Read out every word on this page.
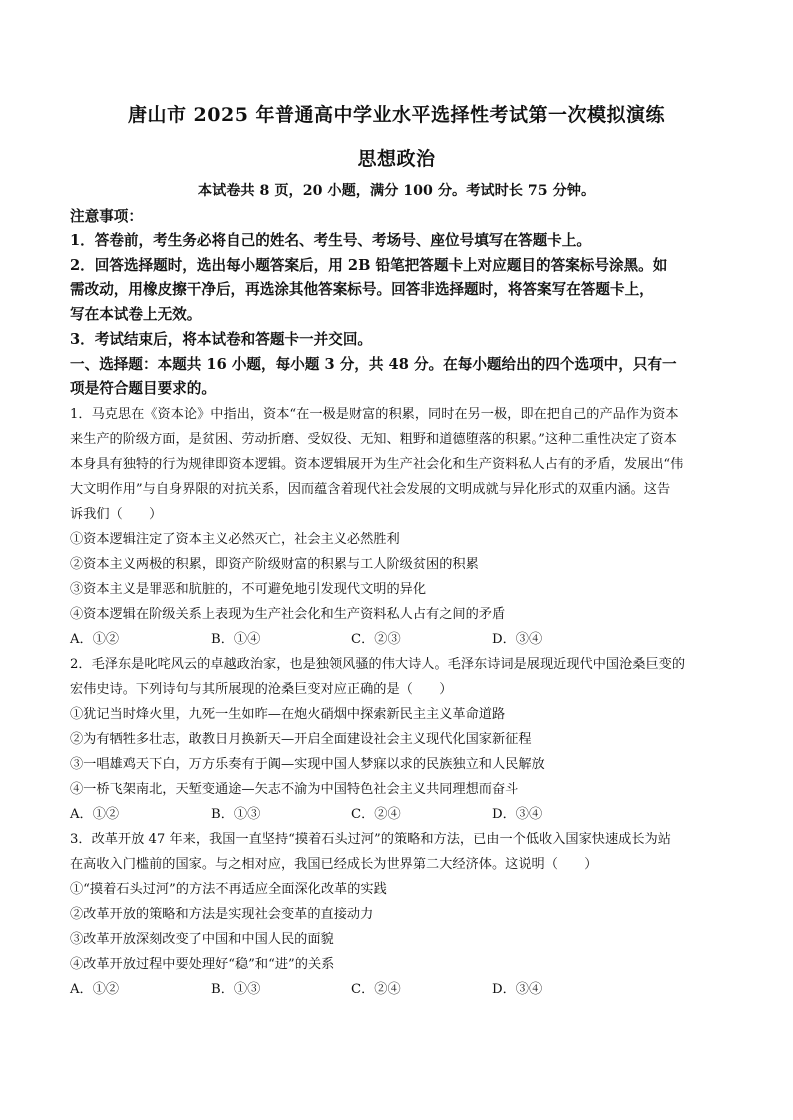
唐山市 2025 年普通高中学业水平选择性考试第一次模拟演练
思想政治
本试卷共 8 页，20 小题，满分 100 分。考试时长 75 分钟。
注意事项：
1．答卷前，考生务必将自己的姓名、考生号、考场号、座位号填写在答题卡上。
2．回答选择题时，选出每小题答案后，用 2B 铅笔把答题卡上对应题目的答案标号涂黑。如
需改动，用橡皮擦干净后，再选涂其他答案标号。回答非选择题时，将答案写在答题卡上，
写在本试卷上无效。
3．考试结束后，将本试卷和答题卡一并交回。
一、选择题：本题共 16 小题，每小题 3 分，共 48 分。在每小题给出的四个选项中，只有一
项是符合题目要求的。
1．马克思在《资本论》中指出，资本“在一极是财富的积累，同时在另一极，即在把自己的产品作为资本
来生产的阶级方面，是贫困、劳动折磨、受奴役、无知、粗野和道德堕落的积累。”这种二重性决定了资本
本身具有独特的行为规律即资本逻辑。资本逻辑展开为生产社会化和生产资料私人占有的矛盾，发展出“伟
大文明作用”与自身界限的对抗关系，因而蕴含着现代社会发展的文明成就与异化形式的双重内涵。这告
诉我们（　　）
①资本逻辑注定了资本主义必然灭亡，社会主义必然胜利
②资本主义两极的积累，即资产阶级财富的积累与工人阶级贫困的积累
③资本主义是罪恶和肮脏的，不可避免地引发现代文明的异化
④资本逻辑在阶级关系上表现为生产社会化和生产资料私人占有之间的矛盾
A．①②	B．①④	C．②③	D．③④
2．毛泽东是叱咤风云的卓越政治家，也是独领风骚的伟大诗人。毛泽东诗词是展现近现代中国沧桑巨变的
宏伟史诗。下列诗句与其所展现的沧桑巨变对应正确的是（　　）
①犹记当时烽火里，九死一生如昨—在炮火硝烟中探索新民主主义革命道路
②为有牺牲多壮志，敢教日月换新天—开启全面建设社会主义现代化国家新征程
③一唱雄鸡天下白，万方乐奏有于阗—实现中国人梦寐以求的民族独立和人民解放
④一桥飞架南北，天堑变通途—矢志不渝为中国特色社会主义共同理想而奋斗
A．①②	B．①③	C．②④	D．③④
3．改革开放 47 年来，我国一直坚持“摸着石头过河”的策略和方法，已由一个低收入国家快速成长为站
在高收入门槛前的国家。与之相对应，我国已经成长为世界第二大经济体。这说明（　　）
①“摸着石头过河”的方法不再适应全面深化改革的实践
②改革开放的策略和方法是实现社会变革的直接动力
③改革开放深刻改变了中国和中国人民的面貌
④改革开放过程中要处理好“稳”和“进”的关系
A．①②	B．①③	C．②④	D．③④
